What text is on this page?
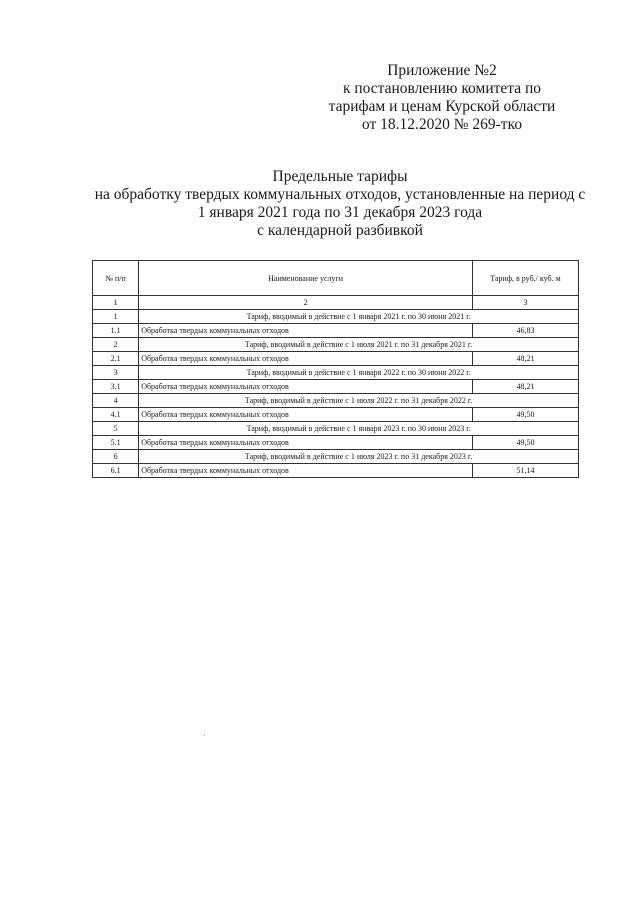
Приложение №2
к постановлению комитета по
тарифам и ценам Курской области
от 18.12.2020 № 269-тко
Предельные тарифы
на обработку твердых коммунальных отходов, установленные на период с
1 января 2021 года по 31 декабря 2023 года
с календарной разбивкой
№ п/п	Наименование услуги	Тариф, в руб./ куб. м
1	2	3
1	Тариф, вводимый в действие с 1 января 2021 г. по 30 июня 2021 г.	
1.1	Обработка твердых коммунальных отходов	46,83
2	Тариф, вводимый в действие с 1 июля 2021 г. по 31 декабря 2021 г.	
2.1	Обработка твердых коммунальных отходов	48,21
3	Тариф, вводимый в действие с 1 января 2022 г. по 30 июня 2022 г.	
3.1	Обработка твердых коммунальных отходов	48,21
4	Тариф, вводимый в действие с 1 июля 2022 г. по 31 декабря 2022 г.	
4.1	Обработка твердых коммунальных отходов	49,50
5	Тариф, вводимый в действие с 1 января 2023 г. по 30 июня 2023 г.	
5.1	Обработка твердых коммунальных отходов	49,50
6	Тариф, вводимый в действие с 1 июля 2023 г. по 31 декабря 2023 г.	
6.1	Обработка твердых коммунальных отходов	51,14
